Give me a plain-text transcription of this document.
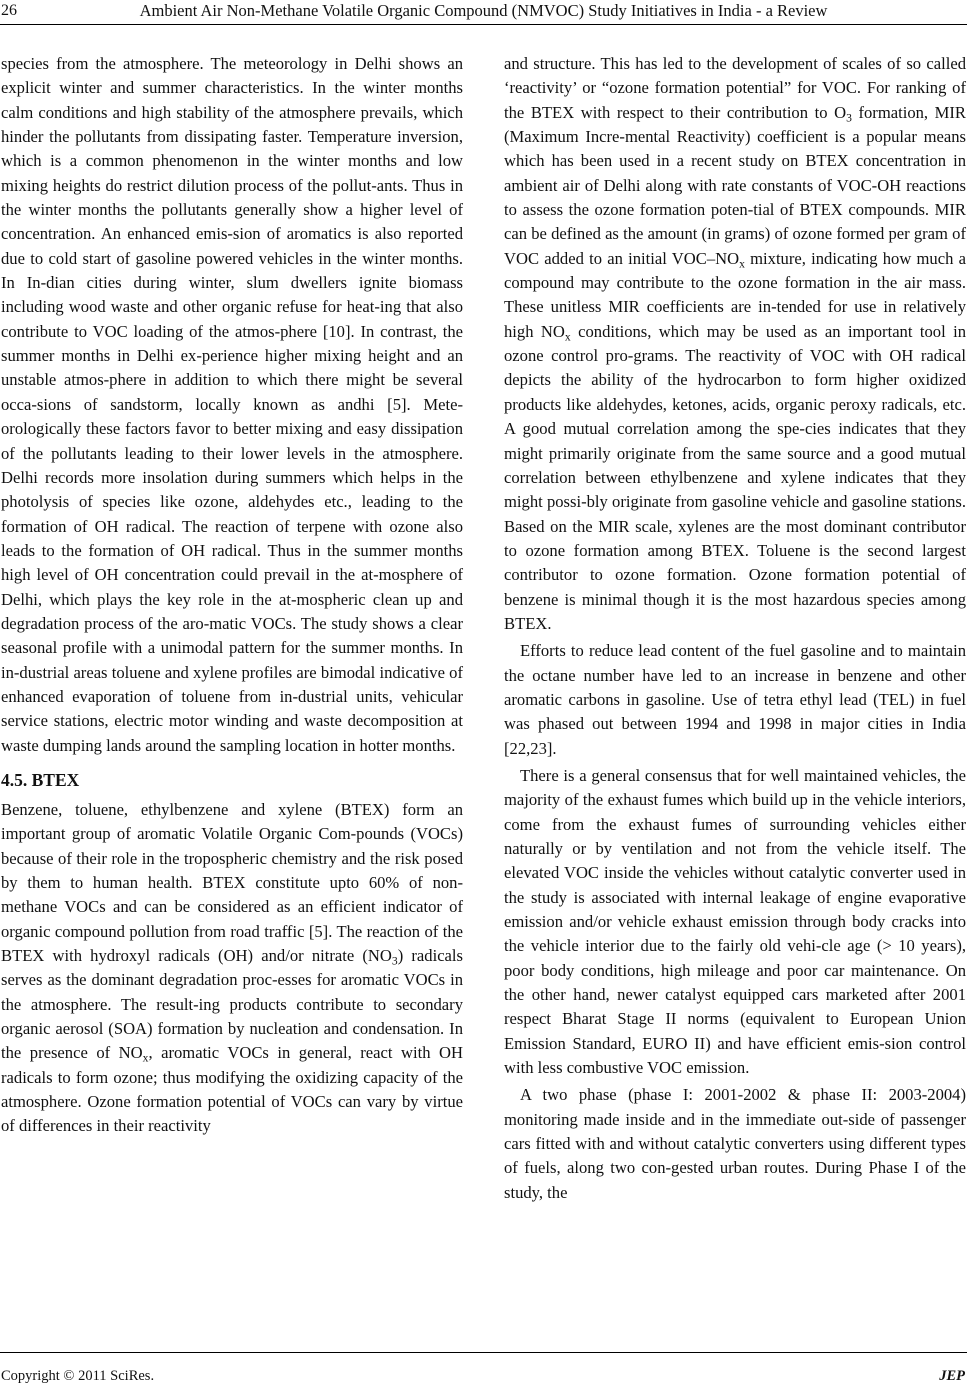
26	Ambient Air Non-Methane Volatile Organic Compound (NMVOC) Study Initiatives in India - a Review

species from the atmosphere. The meteorology in Delhi shows an explicit winter and summer characteristics. In the winter months calm conditions and high stability of the atmosphere prevails, which hinder the pollutants from dissipating faster. Temperature inversion, which is a common phenomenon in the winter months and low mixing heights do restrict dilution process of the pollut-ants. Thus in the winter months the pollutants generally show a higher level of concentration. An enhanced emis-sion of aromatics is also reported due to cold start of gasoline powered vehicles in the winter months. In In-dian cities during winter, slum dwellers ignite biomass including wood waste and other organic refuse for heat-ing that also contribute to VOC loading of the atmos-phere [10]. In contrast, the summer months in Delhi ex-perience higher mixing height and an unstable atmos-phere in addition to which there might be several occa-sions of sandstorm, locally known as andhi [5]. Mete-orologically these factors favor to better mixing and easy dissipation of the pollutants leading to their lower levels in the atmosphere. Delhi records more insolation during summers which helps in the photolysis of species like ozone, aldehydes etc., leading to the formation of OH radical. The reaction of terpene with ozone also leads to the formation of OH radical. Thus in the summer months high level of OH concentration could prevail in the at-mosphere of Delhi, which plays the key role in the at-mospheric clean up and degradation process of the aro-matic VOCs. The study shows a clear seasonal profile with a unimodal pattern for the summer months. In in-dustrial areas toluene and xylene profiles are bimodal indicative of enhanced evaporation of toluene from in-dustrial units, vehicular service stations, electric motor winding and waste decomposition at waste dumping lands around the sampling location in hotter months.

4.5. BTEX

Benzene, toluene, ethylbenzene and xylene (BTEX) form an important group of aromatic Volatile Organic Com-pounds (VOCs) because of their role in the tropospheric chemistry and the risk posed by them to human health. BTEX constitute upto 60% of non-methane VOCs and can be considered as an efficient indicator of organic compound pollution from road traffic [5]. The reaction of the BTEX with hydroxyl radicals (OH) and/or nitrate $(NO_3)$ radicals serves as the dominant degradation proc-esses for aromatic VOCs in the atmosphere. The result-ing products contribute to secondary organic aerosol (SOA) formation by nucleation and condensation. In the presence of $NO_x$, aromatic VOCs in general, react with OH radicals to form ozone; thus modifying the oxidizing capacity of the atmosphere. Ozone formation potential of VOCs can vary by virtue of differences in their reactivity

and structure. This has led to the development of scales of so called ‘reactivity’ or “ozone formation potential” for VOC. For ranking of the BTEX with respect to their contribution to $O_3$ formation, MIR (Maximum Incre-mental Reactivity) coefficient is a popular means which has been used in a recent study on BTEX concentration in ambient air of Delhi along with rate constants of VOC-OH reactions to assess the ozone formation poten-tial of BTEX compounds. MIR can be defined as the amount (in grams) of ozone formed per gram of VOC added to an initial VOC–$NO_x$ mixture, indicating how much a compound may contribute to the ozone formation in the air mass. These unitless MIR coefficients are in-tended for use in relatively high $NO_x$ conditions, which may be used as an important tool in ozone control pro-grams. The reactivity of VOC with OH radical depicts the ability of the hydrocarbon to form higher oxidized products like aldehydes, ketones, acids, organic peroxy radicals, etc. A good mutual correlation among the spe-cies indicates that they might primarily originate from the same source and a good mutual correlation between ethylbenzene and xylene indicates that they might possi-bly originate from gasoline vehicle and gasoline stations. Based on the MIR scale, xylenes are the most dominant contributor to ozone formation among BTEX. Toluene is the second largest contributor to ozone formation. Ozone formation potential of benzene is minimal though it is the most hazardous species among BTEX.

Efforts to reduce lead content of the fuel gasoline and to maintain the octane number have led to an increase in benzene and other aromatic carbons in gasoline. Use of tetra ethyl lead (TEL) in fuel was phased out between 1994 and 1998 in major cities in India [22,23].

There is a general consensus that for well maintained vehicles, the majority of the exhaust fumes which build up in the vehicle interiors, come from the exhaust fumes of surrounding vehicles either naturally or by ventilation and not from the vehicle itself. The elevated VOC inside the vehicles without catalytic converter used in the study is associated with internal leakage of engine evaporative emission and/or vehicle exhaust emission through body cracks into the vehicle interior due to the fairly old vehi-cle age (> 10 years), poor body conditions, high mileage and poor car maintenance. On the other hand, newer catalyst equipped cars marketed after 2001 respect Bharat Stage II norms (equivalent to European Union Emission Standard, EURO II) and have efficient emis-sion control with less combustive VOC emission.

A two phase (phase I: 2001-2002 & phase II: 2003-2004) monitoring made inside and in the immediate out-side of passenger cars fitted with and without catalytic converters using different types of fuels, along two con-gested urban routes. During Phase I of the study, the

Copyright © 2011 SciRes.	JEP
